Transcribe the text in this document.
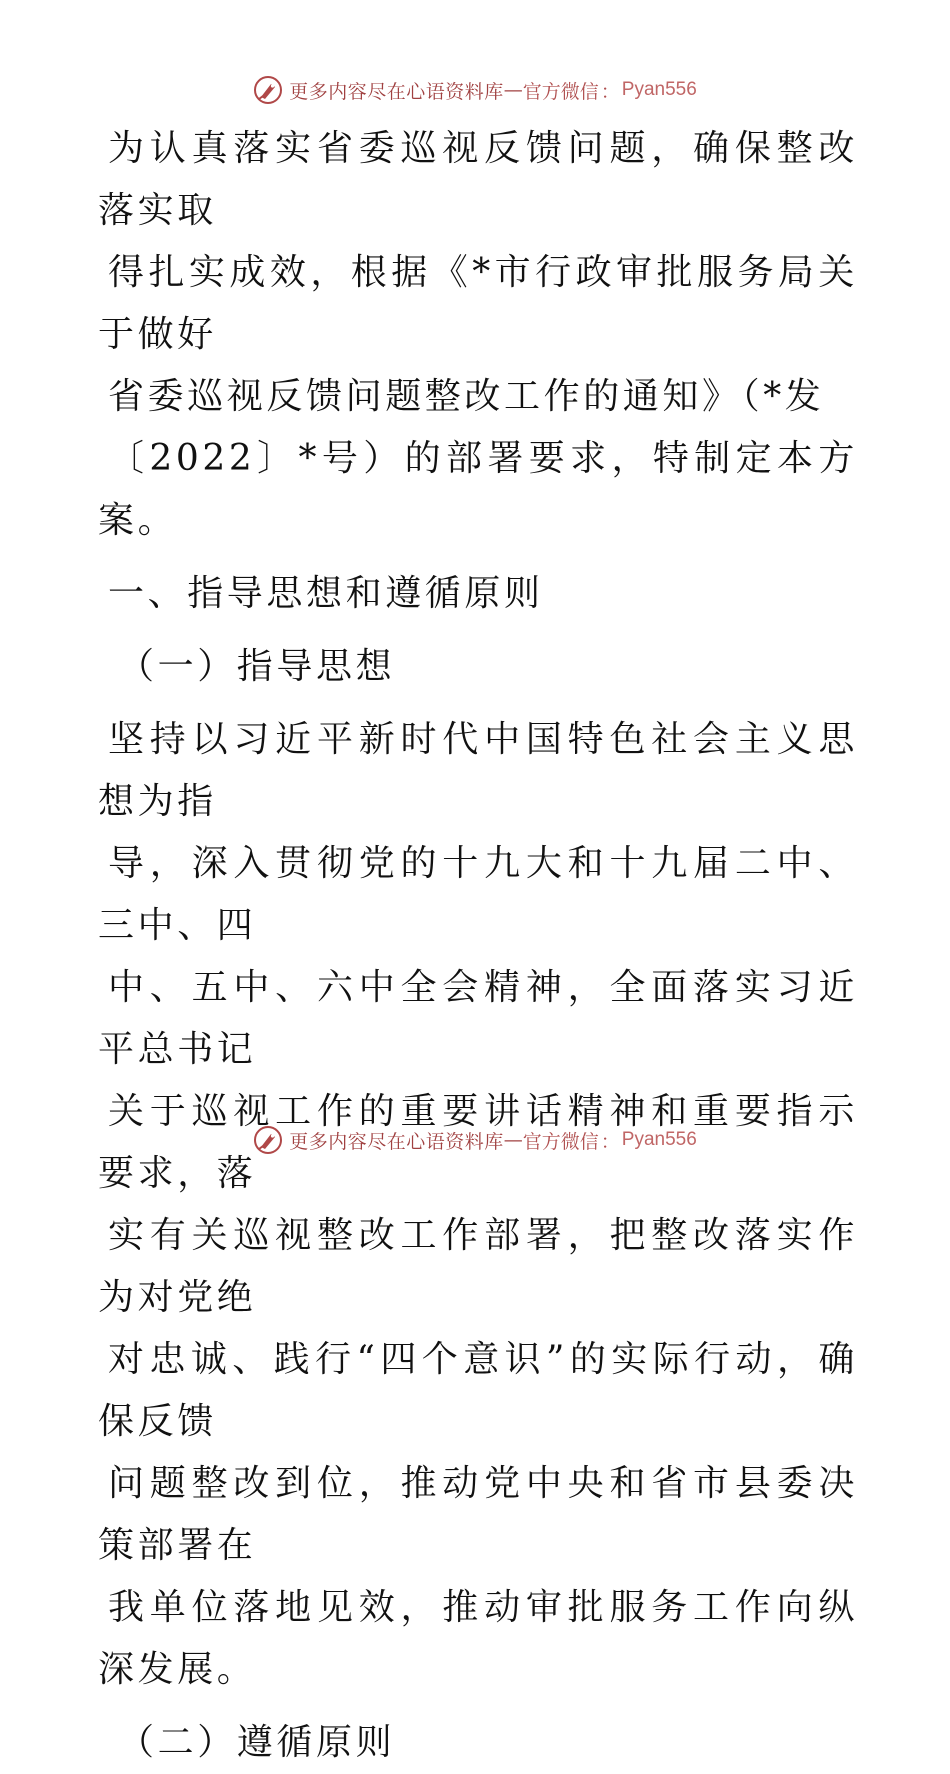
更多内容尽在心语资料库 — 官方微信 ： Pyan556
为认真落实省委巡视反馈问题，确保整改落实取
得扎实成效，根据《*市行政审批服务局关于做好
省委巡视反馈问题整改工作的通知》（*发
〔2022〕*号）的部署要求，特制定本方案。
一、指导思想和遵循原则
（一）指导思想
坚持以习近平新时代中国特色社会主义思想为指
导，深入贯彻党的十九大和十九届二中、三中、四
中、五中、六中全会精神，全面落实习近平总书记
关于巡视工作的重要讲话精神和重要指示要求，落
实有关巡视整改工作部署，把整改落实作为对党绝
对忠诚、践行“四个意识”的实际行动，确保反馈
问题整改到位，推动党中央和省市县委决策部署在
我单位落地见效，推动审批服务工作向纵深发展。
（二）遵循原则
更多内容尽在心语资料库 — 官方微信 ： Pyan556
